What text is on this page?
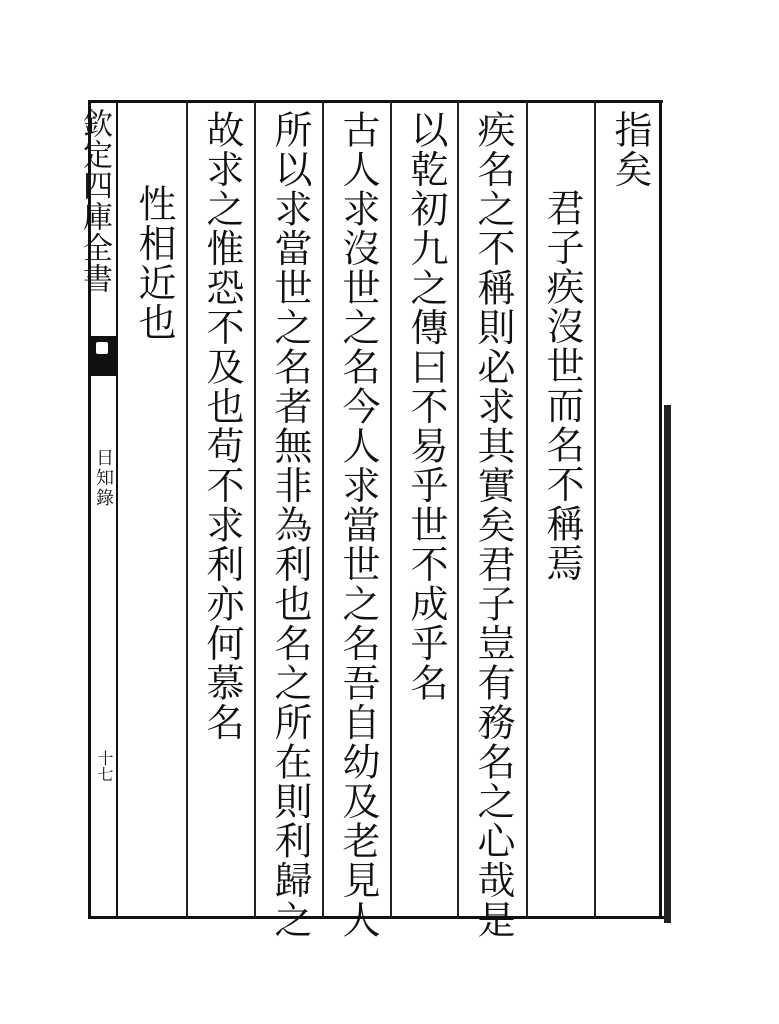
欽定四庫全書
日知錄
十七
指矣
君子疾沒世而名不稱焉
疾名之不稱則必求其實矣君子豈有務名之心哉是
以乾初九之傳曰不易乎世不成乎名
古人求沒世之名今人求當世之名吾自幼及老見人
所以求當世之名者無非為利也名之所在則利歸之
故求之惟恐不及也苟不求利亦何慕名
性相近也
